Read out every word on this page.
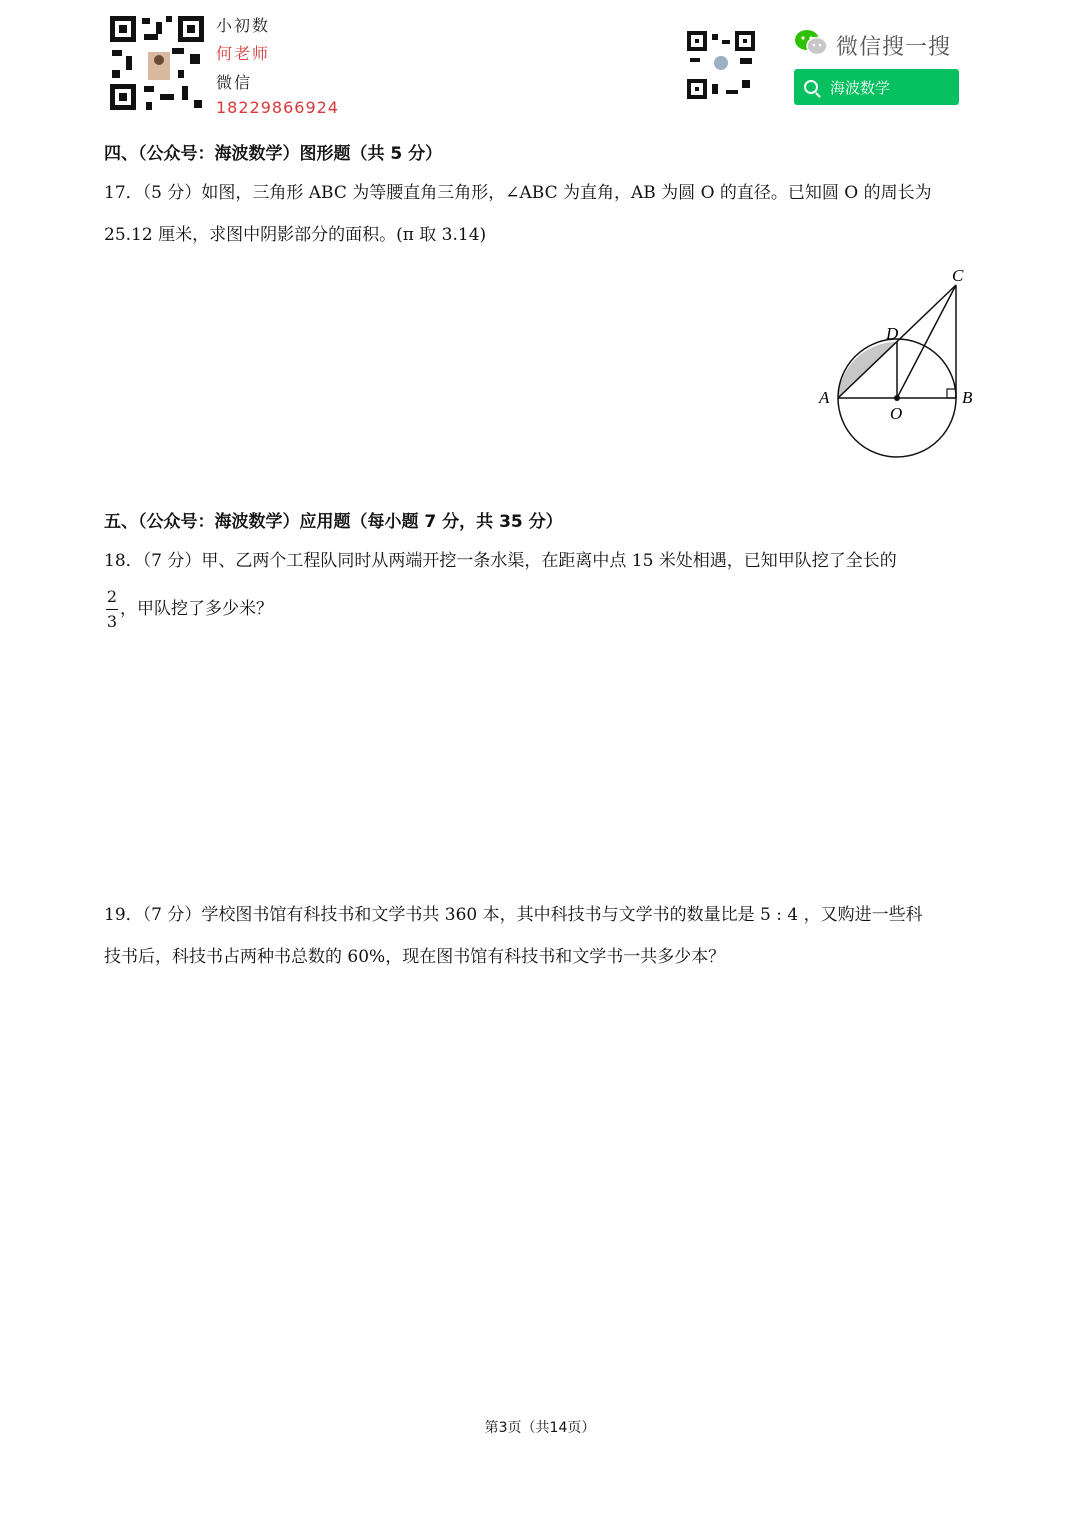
小初数
何老师
微信
18229866924
微信搜一搜
海波数学
四、（公众号：海波数学）图形题（共 5 分）
17．（5 分）如图，三角形 ABC 为等腰直角三角形，∠ABC 为直角，AB 为圆 O 的直径。已知圆 O 的周长为
25.12 厘米，求图中阴影部分的面积。(π 取 3.14)
A	B
C
D
O
五、（公众号：海波数学）应用题（每小题 7 分，共 35 分）
18．（7 分）甲、乙两个工程队同时从两端开挖一条水渠，在距离中点 15 米处相遇，已知甲队挖了全长的
2
3
，甲队挖了多少米？
19．（7 分）学校图书馆有科技书和文学书共 360 本，其中科技书与文学书的数量比是 5 : 4 ，又购进一些科
技书后，科技书占两种书总数的 60%，现在图书馆有科技书和文学书一共多少本？
第3页（共14页）
